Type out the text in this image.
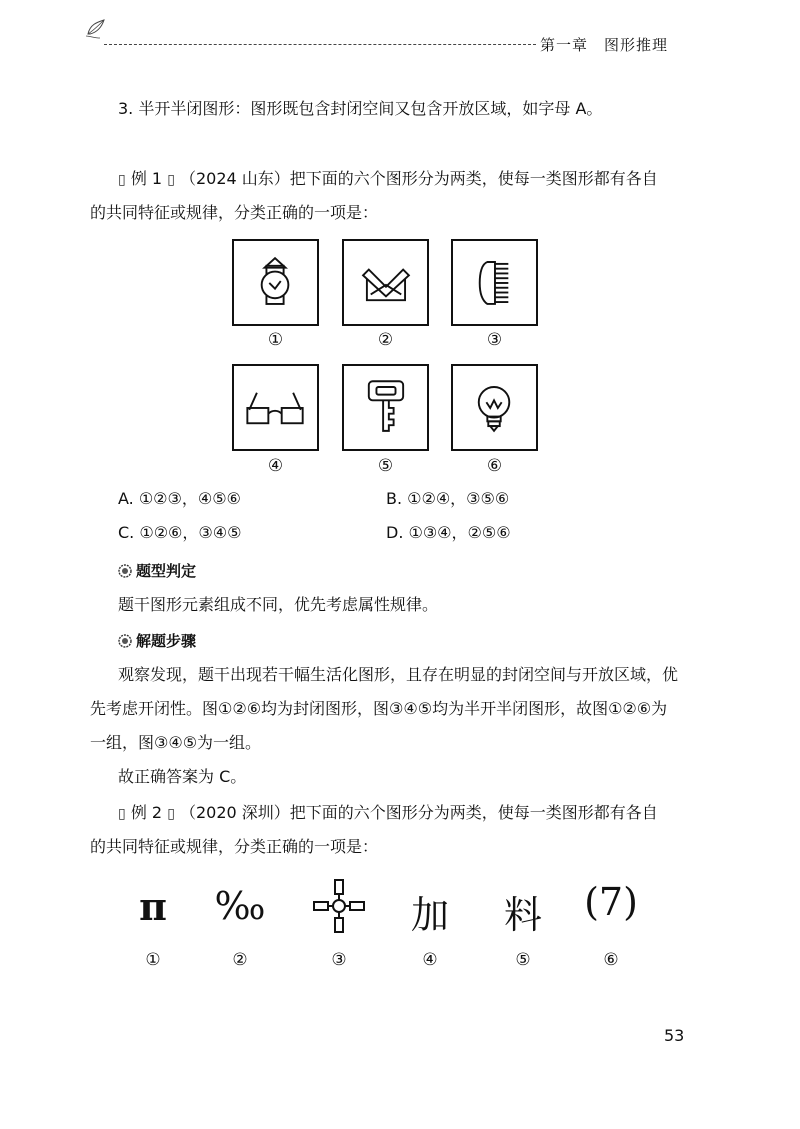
第一章　图形推理
3. 半开半闭图形：图形既包含封闭空间又包含开放区域，如字母 A。
▯ 例 1 ▯ （2024 山东）把下面的六个图形分为两类，使每一类图形都有各自
的共同特征或规律，分类正确的一项是：
①	②	③
④	⑤	⑥
A. ①②③，④⑤⑥	B. ①②④，③⑤⑥
C. ①②⑥，③④⑤	D. ①③④，②⑤⑥
题型判定
题干图形元素组成不同，优先考虑属性规律。
解题步骤
观察发现，题干出现若干幅生活化图形，且存在明显的封闭空间与开放区域，优
先考虑开闭性。图①②⑥均为封闭图形，图③④⑤均为半开半闭图形，故图①②⑥为
一组，图③④⑤为一组。
故正确答案为 C。
▯ 例 2 ▯ （2020 深圳）把下面的六个图形分为两类，使每一类图形都有各自
的共同特征或规律，分类正确的一项是：
π	‰	加	料	(7)
①	②	③	④	⑤	⑥
53
